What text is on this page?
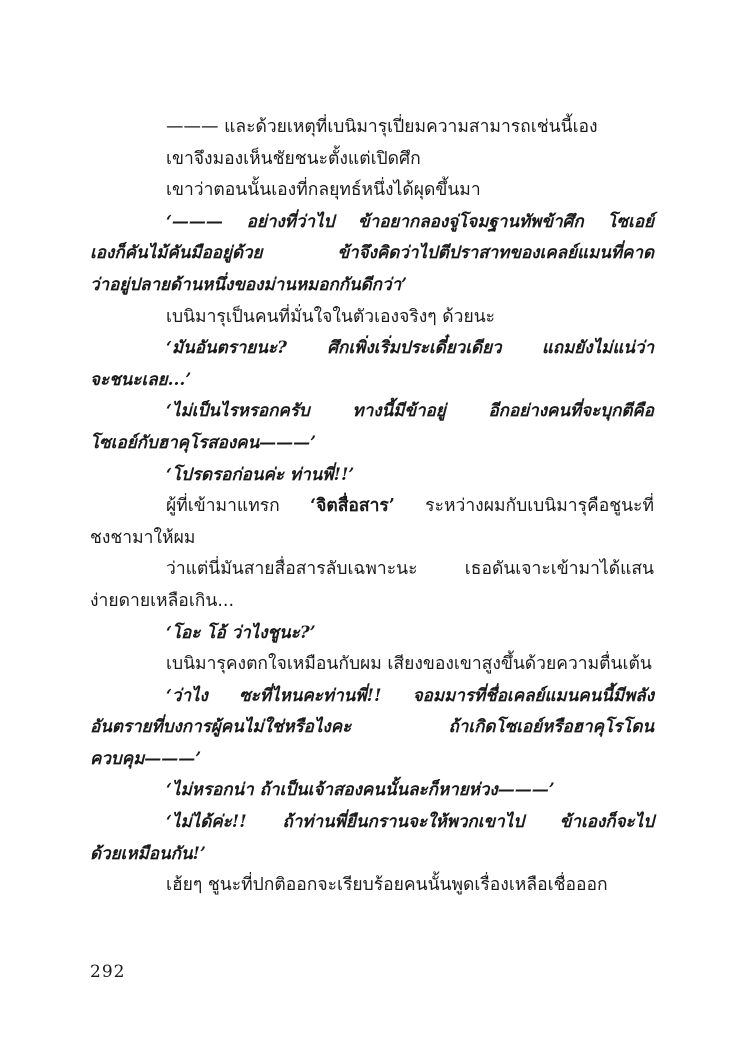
——— และด้วยเหตุที่เบนิมารุเปี่ยมความสามารถเช่นนี้เอง
เขาจึงมองเห็นชัยชนะตั้งแต่เปิดศึก
เขาว่าตอนนั้นเองที่กลยุทธ์หนึ่งได้ผุดขึ้นมา
‘——— อย่างที่ว่าไป ข้าอยากลองจู่โจมฐานทัพข้าศึก โซเอย์
เองก็คันไม้คันมืออยู่ด้วย ข้าจึงคิดว่าไปตีปราสาทของเคลย์แมนที่คาด
ว่าอยู่ปลายด้านหนึ่งของม่านหมอกกันดีกว่า’
เบนิมารุเป็นคนที่มั่นใจในตัวเองจริงๆ ด้วยนะ
‘มันอันตรายนะ? ศึกเพิ่งเริ่มประเดี๋ยวเดียว แถมยังไม่แน่ว่า
จะชนะเลย...’
‘ไม่เป็นไรหรอกครับ ทางนี้มีข้าอยู่ อีกอย่างคนที่จะบุกตีคือ
โซเอย์กับฮาคุโรสองคน———’
‘โปรดรอก่อนค่ะ ท่านพี่!!’
ผู้ที่เข้ามาแทรก ‘จิตสื่อสาร’ ระหว่างผมกับเบนิมารุคือชูนะที่
ชงชามาให้ผม
ว่าแต่นี่มันสายสื่อสารลับเฉพาะนะ เธอดันเจาะเข้ามาได้แสน
ง่ายดายเหลือเกิน...
‘โอะ โอ้ ว่าไงชูนะ?’
เบนิมารุคงตกใจเหมือนกับผม เสียงของเขาสูงขึ้นด้วยความตื่นเต้น
‘ว่าไง ซะที่ไหนคะท่านพี่!! จอมมารที่ชื่อเคลย์แมนคนนี้มีพลัง
อันตรายที่บงการผู้คนไม่ใช่หรือไงคะ ถ้าเกิดโซเอย์หรือฮาคุโรโดน
ควบคุม———’
‘ไม่หรอกน่า ถ้าเป็นเจ้าสองคนนั้นละก็หายห่วง———’
‘ไม่ได้ค่ะ!! ถ้าท่านพี่ยืนกรานจะให้พวกเขาไป ข้าเองก็จะไป
ด้วยเหมือนกัน!’
เฮ้ยๆ ชูนะที่ปกติออกจะเรียบร้อยคนนั้นพูดเรื่องเหลือเชื่อออก
292
